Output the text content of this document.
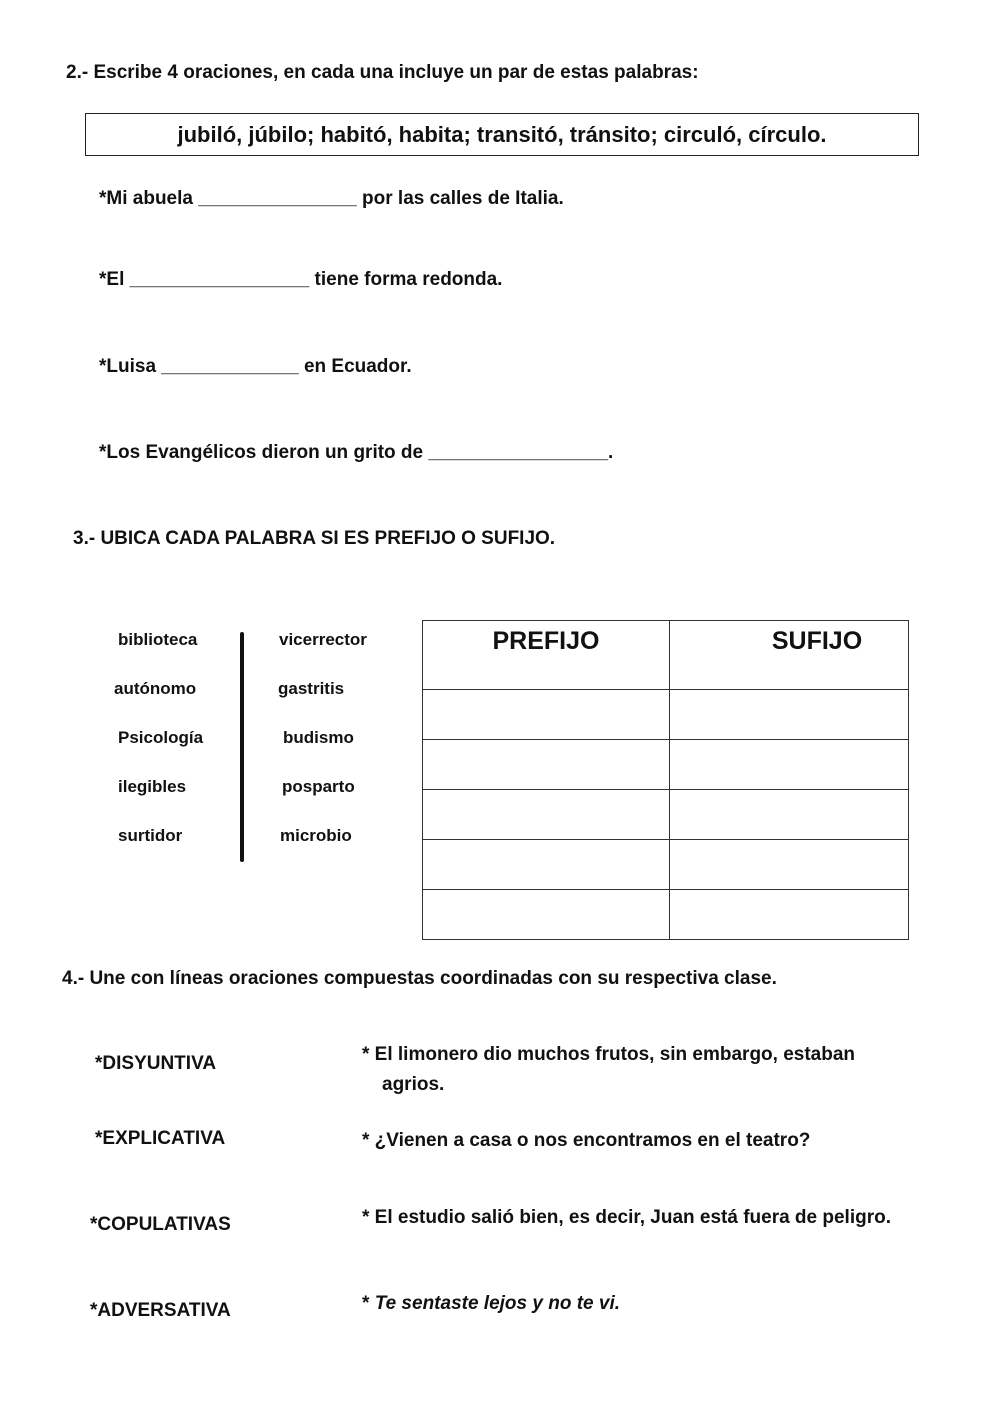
2.- Escribe 4 oraciones, en cada una incluye un par de estas palabras:
jubiló, júbilo; habitó, habita; transitó, tránsito; circuló, círculo.
*Mi abuela _______________ por las calles de Italia.
*El _________________ tiene forma redonda.
*Luisa _____________ en Ecuador.
*Los Evangélicos dieron un grito de _________________.
3.- UBICA CADA PALABRA SI ES PREFIJO O SUFIJO.
biblioteca
autónomo
Psicología
ilegibles
surtidor
vicerrector
gastritis
budismo
posparto
microbio
PREFIJO	SUFIJO

4.- Une con líneas oraciones compuestas coordinadas con su respectiva clase.
*DISYUNTIVA
*EXPLICATIVA
*COPULATIVAS
*ADVERSATIVA
* El limonero dio muchos frutos, sin embargo, estaban
agrios.
* ¿Vienen a casa o nos encontramos en el teatro?
* El estudio salió bien, es decir, Juan está fuera de peligro.
* Te sentaste lejos y no te vi.
